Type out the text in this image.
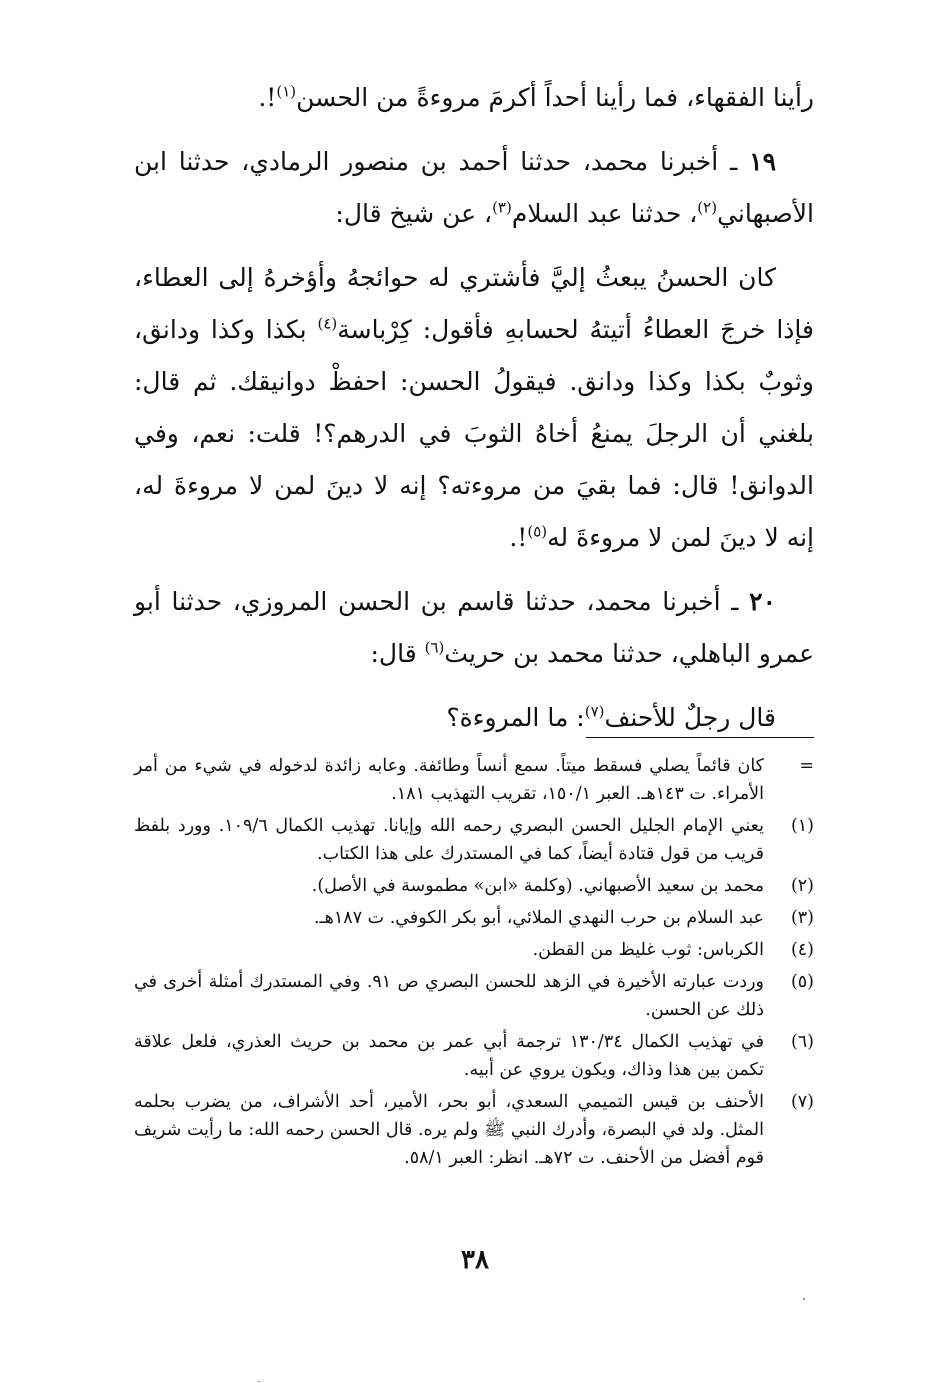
رأينا الفقهاء، فما رأينا أحداً أكرمَ مروءةً من الحسن$^{(١)}$!.

١٩ ـ أخبرنا محمد، حدثنا أحمد بن منصور الرمادي، حدثنا ابن الأصبهاني$^{(٢)}$، حدثنا عبد السلام$^{(٣)}$، عن شيخ قال:

كان الحسنُ يبعثُ إليَّ فأشتري له حوائجهُ وأؤخرهُ إلى العطاء، فإذا خرجَ العطاءُ أتيتهُ لحسابهِ فأقول: كِرْباسة$^{(٤)}$ بكذا وكذا ودانق، وثوبٌ بكذا وكذا ودانق. فيقولُ الحسن: احفظْ دوانيقك. ثم قال: بلغني أن الرجلَ يمنعُ أخاهُ الثوبَ في الدرهم؟! قلت: نعم، وفي الدوانق! قال: فما بقيَ من مروءته؟ إنه لا دينَ لمن لا مروءةَ له، إنه لا دينَ لمن لا مروءةَ له$^{(٥)}$!.

٢٠ ـ أخبرنا محمد، حدثنا قاسم بن الحسن المروزي، حدثنا أبو عمرو الباهلي، حدثنا محمد بن حريث$^{(٦)}$ قال:

قال رجلٌ للأحنف$^{(٧)}$: ما المروءة؟

=
كان قائماً يصلي فسقط ميتاً. سمع أنساً وطائفة. وعابه زائدة لدخوله في شيء من أمر الأمراء. ت ١٤٣هـ. العبر ١٥٠/١، تقريب التهذيب ١٨١.
(١)
يعني الإمام الجليل الحسن البصري رحمه الله وإيانا. تهذيب الكمال ١٠٩/٦. وورد بلفظ قريب من قول قتادة أيضاً، كما في المستدرك على هذا الكتاب.
(٢)
محمد بن سعيد الأصبهاني. (وكلمة «ابن» مطموسة في الأصل).
(٣)
عبد السلام بن حرب النهدي الملائي، أبو بكر الكوفي. ت ١٨٧هـ.
(٤)
الكرباس: ثوب غليظ من القطن.
(٥)
وردت عبارته الأخيرة في الزهد للحسن البصري ص ٩١. وفي المستدرك أمثلة أخرى في ذلك عن الحسن.
(٦)
في تهذيب الكمال ١٣٠/٣٤ ترجمة أبي عمر بن محمد بن حريث العذري، فلعل علاقة تكمن بين هذا وذاك، ويكون يروي عن أبيه.
(٧)
الأحنف بن قيس التميمي السعدي، أبو بحر، الأمير، أحد الأشراف، من يضرب بحلمه المثل. ولد في البصرة، وأدرك النبي ﷺ ولم يره. قال الحسن رحمه الله: ما رأيت شريف قوم أفضل من الأحنف. ت ٧٢هـ. انظر: العبر ٥٨/١.
٣٨
